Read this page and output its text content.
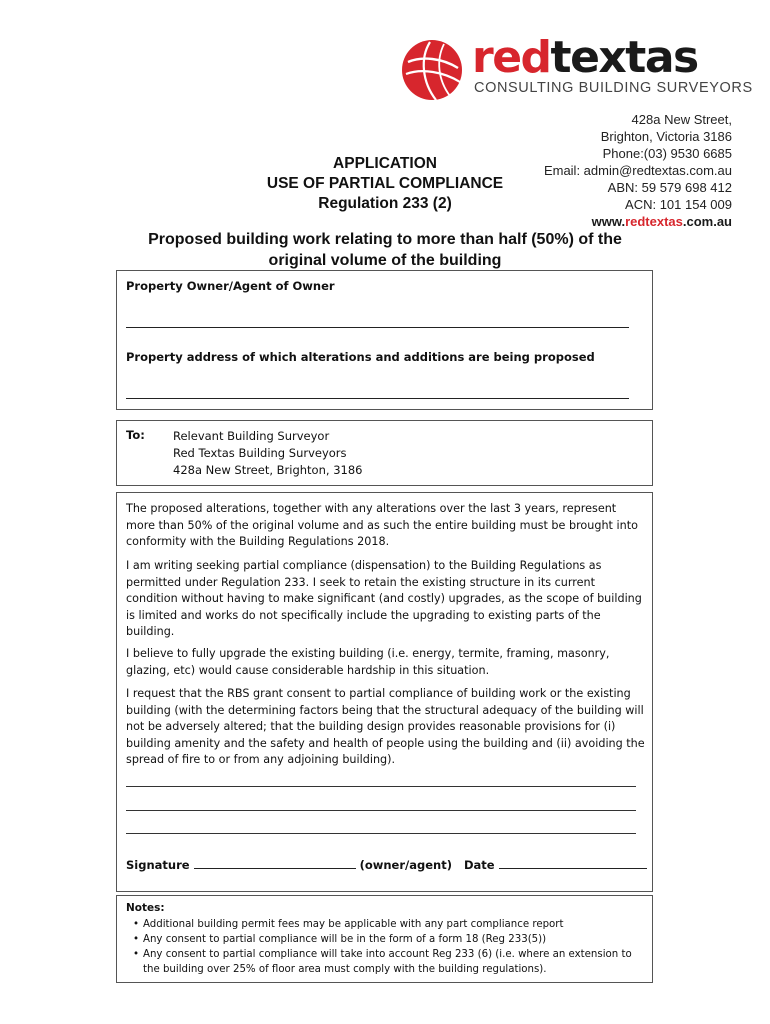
redtextas
CONSULTING BUILDING SURVEYORS
428a New Street,
Brighton, Victoria 3186
Phone:(03) 9530 6685
Email: admin@redtextas.com.au
ABN: 59 579 698 412
ACN: 101 154 009
www.redtextas.com.au
APPLICATION
USE OF PARTIAL COMPLIANCE
Regulation 233 (2)
Proposed building work relating to more than half (50%) of the
original volume of the building
Property Owner/Agent of Owner
Property address of which alterations and additions are being proposed
To: Relevant Building Surveyor
Red Textas Building Surveyors
428a New Street, Brighton, 3186

The proposed alterations, together with any alterations over the last 3 years, represent more than 50% of the original volume and as such the entire building must be brought into conformity with the Building Regulations 2018.

I am writing seeking partial compliance (dispensation) to the Building Regulations as permitted under Regulation 233. I seek to retain the existing structure in its current condition without having to make significant (and costly) upgrades, as the scope of building is limited and works do not specifically include the upgrading to existing parts of the building.

I believe to fully upgrade the existing building (i.e. energy, termite, framing, masonry, glazing, etc) would cause considerable hardship in this situation.

I request that the RBS grant consent to partial compliance of building work or the existing building (with the determining factors being that the structural adequacy of the building will not be adversely altered; that the building design provides reasonable provisions for (i) building amenity and the safety and health of people using the building and (ii) avoiding the spread of fire to or from any adjoining building).

Signature	(owner/agent) Date
Notes:
• Additional building permit fees may be applicable with any part compliance report
• Any consent to partial compliance will be in the form of a form 18 (Reg 233(5))
• Any consent to partial compliance will take into account Reg 233 (6) (i.e. where an extension to the building over 25% of floor area must comply with the building regulations).
